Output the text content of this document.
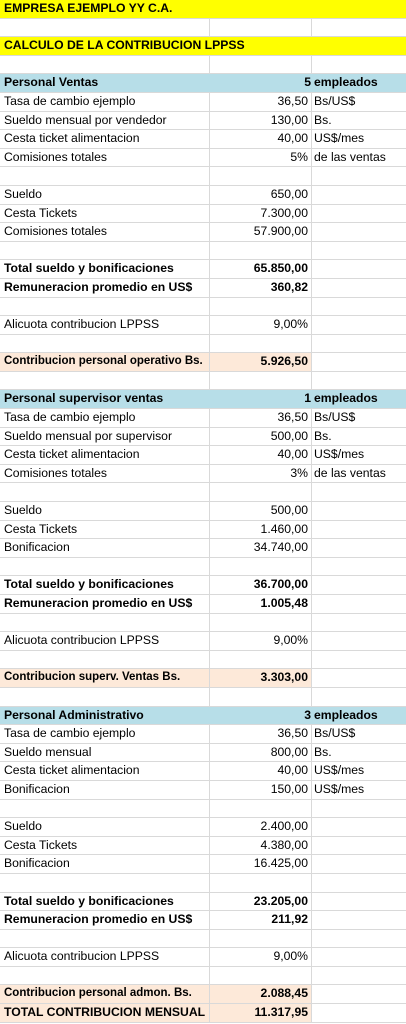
EMPRESA EJEMPLO YY C.A.
CALCULO DE LA CONTRIBUCION LPPSS
Personal Ventas	5 empleados
Tasa de cambio ejemplo	36,50 Bs/US$
Sueldo mensual por vendedor	130,00 Bs.
Cesta ticket alimentacion	40,00 US$/mes
Comisiones totales	5% de las ventas
Sueldo	650,00
Cesta Tickets	7.300,00
Comisiones totales	57.900,00
Total sueldo y bonificaciones	65.850,00
Remuneracion promedio en US$	360,82
Alicuota contribucion LPPSS	9,00%
Contribucion personal operativo Bs.	5.926,50
Personal supervisor ventas	1 empleados
Tasa de cambio ejemplo	36,50 Bs/US$
Sueldo mensual por supervisor	500,00 Bs.
Cesta ticket alimentacion	40,00 US$/mes
Comisiones totales	3% de las ventas
Sueldo	500,00
Cesta Tickets	1.460,00
Bonificacion	34.740,00
Total sueldo y bonificaciones	36.700,00
Remuneracion promedio en US$	1.005,48
Alicuota contribucion LPPSS	9,00%
Contribucion superv. Ventas Bs.	3.303,00
Personal Administrativo	3 empleados
Tasa de cambio ejemplo	36,50 Bs/US$
Sueldo mensual	800,00 Bs.
Cesta ticket alimentacion	40,00 US$/mes
Bonificacion	150,00 US$/mes
Sueldo	2.400,00
Cesta Tickets	4.380,00
Bonificacion	16.425,00
Total sueldo y bonificaciones	23.205,00
Remuneracion promedio en US$	211,92
Alicuota contribucion LPPSS	9,00%
Contribucion personal admon. Bs.	2.088,45
TOTAL CONTRIBUCION MENSUAL	11.317,95
